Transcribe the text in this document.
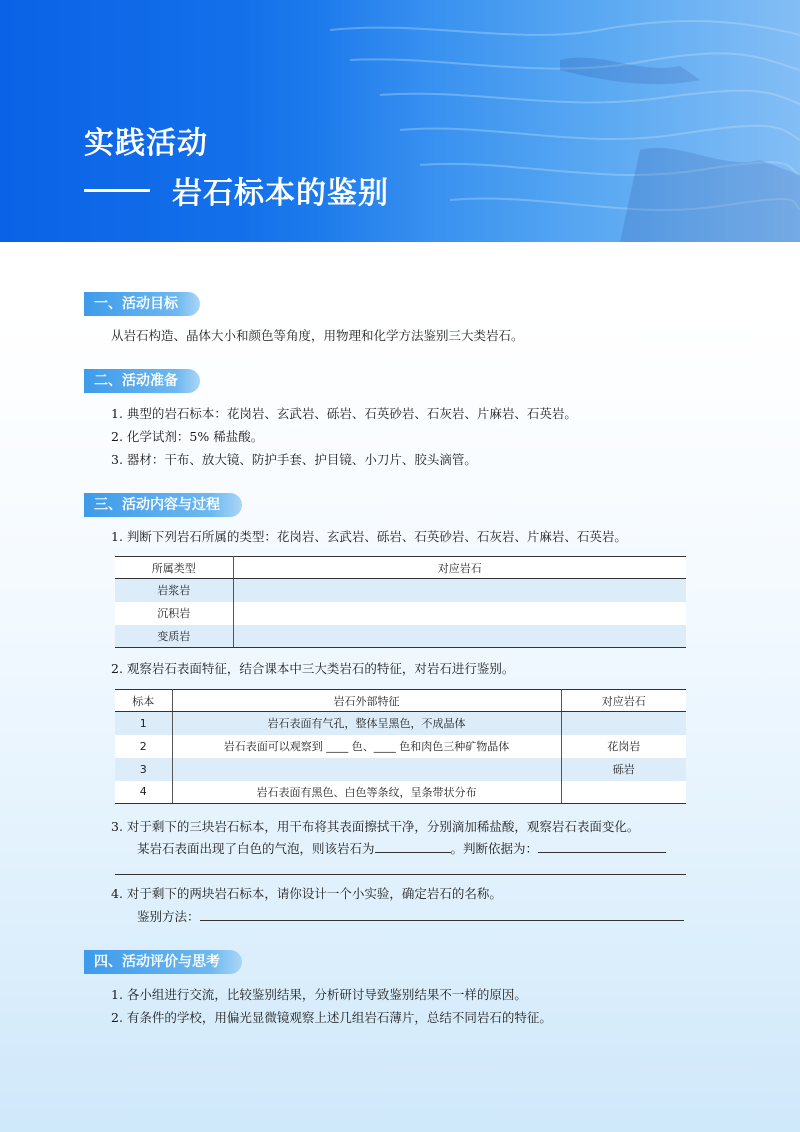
实践活动
岩石标本的鉴别
一、活动目标
从岩石构造、晶体大小和颜色等角度，用物理和化学方法鉴别三大类岩石。
二、活动准备
1. 典型的岩石标本：花岗岩、玄武岩、砾岩、石英砂岩、石灰岩、片麻岩、石英岩。
2. 化学试剂：5% 稀盐酸。
3. 器材：干布、放大镜、防护手套、护目镜、小刀片、胶头滴管。
三、活动内容与过程
1. 判断下列岩石所属的类型：花岗岩、玄武岩、砾岩、石英砂岩、石灰岩、片麻岩、石英岩。
所属类型	对应岩石
岩浆岩	
沉积岩	
变质岩	
2. 观察岩石表面特征，结合课本中三大类岩石的特征，对岩石进行鉴别。
标本	岩石外部特征	对应岩石
1	岩石表面有气孔，整体呈黑色，不成晶体	
2	岩石表面可以观察到 ____ 色、____ 色和肉色三种矿物晶体	花岗岩
3		砾岩
4	岩石表面有黑色、白色等条纹，呈条带状分布	
3. 对于剩下的三块岩石标本，用干布将其表面擦拭干净，分别滴加稀盐酸，观察岩石表面变化。
某岩石表面出现了白色的气泡，则该岩石为	。判断依据为：
4. 对于剩下的两块岩石标本，请你设计一个小实验，确定岩石的名称。
鉴别方法：
四、活动评价与思考
1. 各小组进行交流，比较鉴别结果，分析研讨导致鉴别结果不一样的原因。
2. 有条件的学校，用偏光显微镜观察上述几组岩石薄片，总结不同岩石的特征。
